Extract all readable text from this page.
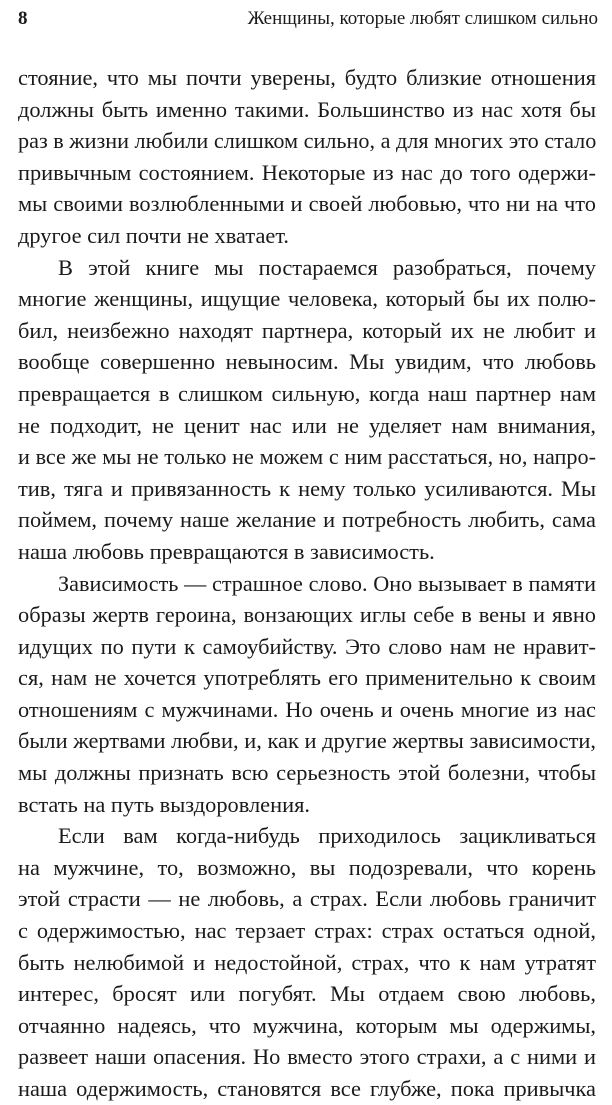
8	Женщины, которые любят слишком сильно
стояние, что мы почти уверены, будто близкие отношения
должны быть именно такими. Большинство из нас хотя бы
раз в жизни любили слишком сильно, а для многих это стало
привычным состоянием. Некоторые из нас до того одержи-
мы своими возлюбленными и своей любовью, что ни на что
другое сил почти не хватает.
В этой книге мы постараемся разобраться, почему
многие женщины, ищущие человека, который бы их полю-
бил, неизбежно находят партнера, который их не любит и
вообще совершенно невыносим. Мы увидим, что любовь
превращается в слишком сильную, когда наш партнер нам
не подходит, не ценит нас или не уделяет нам внимания,
и все же мы не только не можем с ним расстаться, но, напро-
тив, тяга и привязанность к нему только усиливаются. Мы
поймем, почему наше желание и потребность любить, сама
наша любовь превращаются в зависимость.
Зависимость — страшное слово. Оно вызывает в памяти
образы жертв героина, вонзающих иглы себе в вены и явно
идущих по пути к самоубийству. Это слово нам не нравит-
ся, нам не хочется употреблять его применительно к своим
отношениям с мужчинами. Но очень и очень многие из нас
были жертвами любви, и, как и другие жертвы зависимости,
мы должны признать всю серьезность этой болезни, чтобы
встать на путь выздоровления.
Если вам когда-нибудь приходилось зацикливаться
на мужчине, то, возможно, вы подозревали, что корень
этой страсти — не любовь, а страх. Если любовь граничит
с одержимостью, нас терзает страх: страх остаться одной,
быть нелюбимой и недостойной, страх, что к нам утратят
интерес, бросят или погубят. Мы отдаем свою любовь,
отчаянно надеясь, что мужчина, которым мы одержимы,
развеет наши опасения. Но вместо этого страхи, а с ними и
наша одержимость, становятся все глубже, пока привычка
